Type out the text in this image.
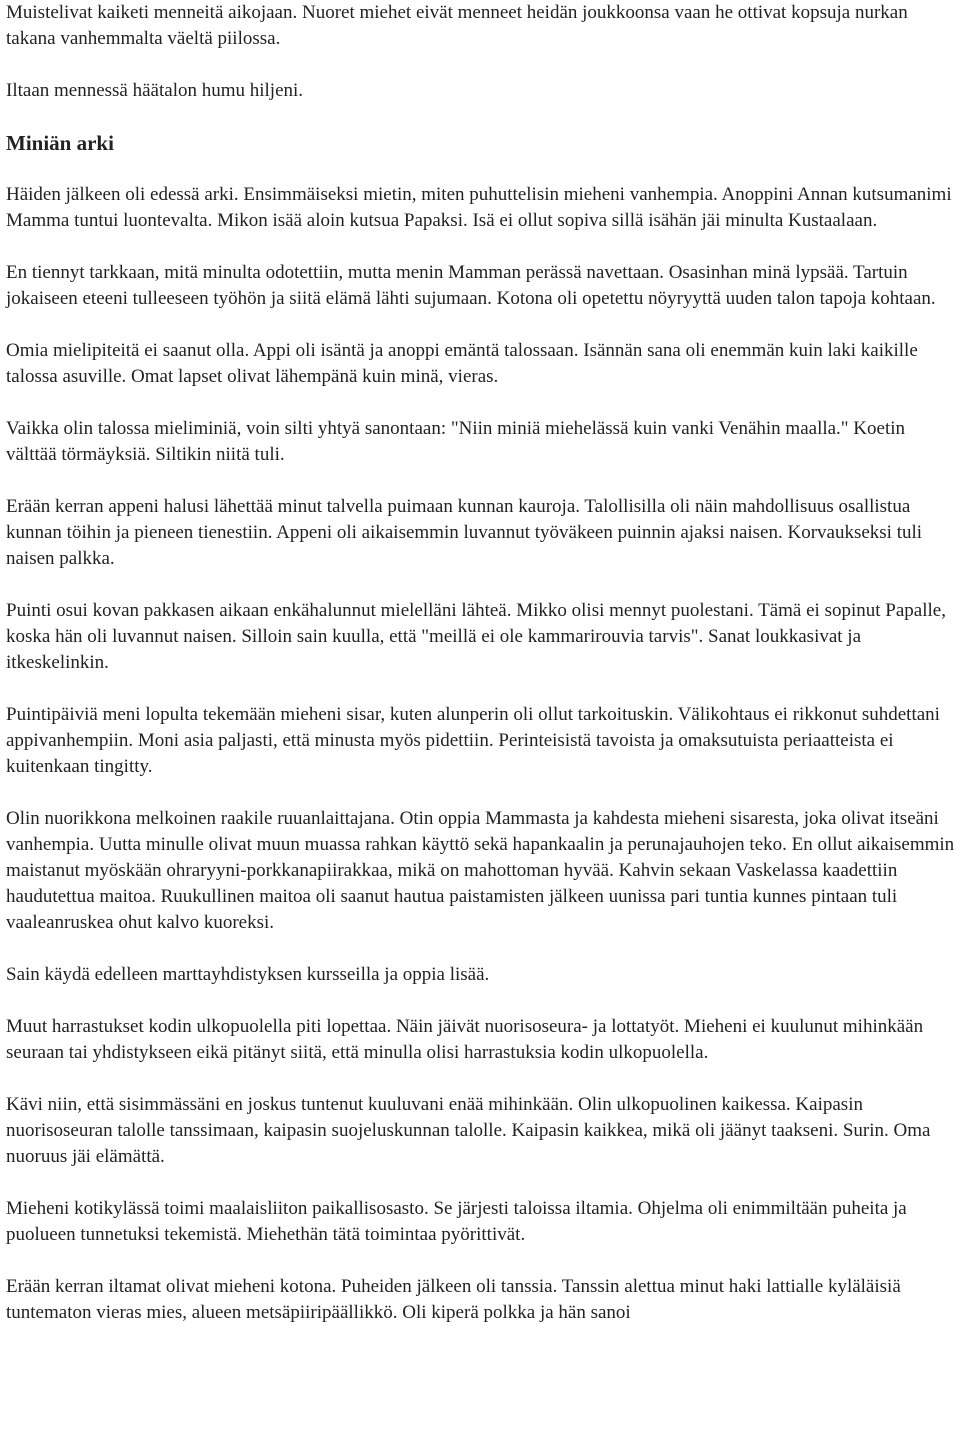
Muistelivat kaiketi menneitä aikojaan. Nuoret miehet eivät menneet heidän joukkoonsa vaan he ottivat kopsuja nurkan takana vanhemmalta väeltä piilossa.

Iltaan mennessä häätalon humu hiljeni.

Miniän arki

Häiden jälkeen oli edessä arki. Ensimmäiseksi mietin, miten puhuttelisin mieheni vanhempia. Anoppini Annan kutsumanimi Mamma tuntui luontevalta. Mikon isää aloin kutsua Papaksi. Isä ei ollut sopiva sillä isähän jäi minulta Kustaalaan.

En tiennyt tarkkaan, mitä minulta odotettiin, mutta menin Mamman perässä navettaan. Osasinhan minä lypsää. Tartuin jokaiseen eteeni tulleeseen työhön ja siitä elämä lähti sujumaan. Kotona oli opetettu nöyryyttä uuden talon tapoja kohtaan.

Omia mielipiteitä ei saanut olla. Appi oli isäntä ja anoppi emäntä talossaan. Isännän sana oli enemmän kuin laki kaikille talossa asuville. Omat lapset olivat lähempänä kuin minä, vieras.

Vaikka olin talossa mieliminiä, voin silti yhtyä sanontaan: "Niin miniä miehelässä kuin vanki Venähin maalla." Koetin välttää törmäyksiä. Siltikin niitä tuli.

Erään kerran appeni halusi lähettää minut talvella puimaan kunnan kauroja. Talollisilla oli näin mahdollisuus osallistua kunnan töihin ja pieneen tienestiin. Appeni oli aikaisemmin luvannut työväkeen puinnin ajaksi naisen. Korvaukseksi tuli naisen palkka.

Puinti osui kovan pakkasen aikaan enkähalunnut mielelläni lähteä. Mikko olisi mennyt puolestani. Tämä ei sopinut Papalle, koska hän oli luvannut naisen. Silloin sain kuulla, että "meillä ei ole kammarirouvia tarvis". Sanat loukkasivat ja itkeskelinkin.

Puintipäiviä meni lopulta tekemään mieheni sisar, kuten alunperin oli ollut tarkoituskin. Välikohtaus ei rikkonut suhdettani appivanhempiin. Moni asia paljasti, että minusta myös pidettiin. Perinteisistä tavoista ja omaksutuista periaatteista ei kuitenkaan tingitty.

Olin nuorikkona melkoinen raakile ruuanlaittajana. Otin oppia Mammasta ja kahdesta mieheni sisaresta, joka olivat itseäni vanhempia. Uutta minulle olivat muun muassa rahkan käyttö sekä hapankaalin ja perunajauhojen teko. En ollut aikaisemmin maistanut myöskään ohraryyni-porkkanapiirakkaa, mikä on mahottoman hyvää. Kahvin sekaan Vaskelassa kaadettiin haudutettua maitoa. Ruukullinen maitoa oli saanut hautua paistamisten jälkeen uunissa pari tuntia kunnes pintaan tuli vaaleanruskea ohut kalvo kuoreksi.

Sain käydä edelleen marttayhdistyksen kursseilla ja oppia lisää.

Muut harrastukset kodin ulkopuolella piti lopettaa. Näin jäivät nuorisoseura- ja lottatyöt. Mieheni ei kuulunut mihinkään seuraan tai yhdistykseen eikä pitänyt siitä, että minulla olisi harrastuksia kodin ulkopuolella.

Kävi niin, että sisimmässäni en joskus tuntenut kuuluvani enää mihinkään. Olin ulkopuolinen kaikessa. Kaipasin nuorisoseuran talolle tanssimaan, kaipasin suojeluskunnan talolle. Kaipasin kaikkea, mikä oli jäänyt taakseni. Surin. Oma nuoruus jäi elämättä.

Mieheni kotikylässä toimi maalaisliiton paikallisosasto. Se järjesti taloissa iltamia. Ohjelma oli enimmiltään puheita ja puolueen tunnetuksi tekemistä. Miehethän tätä toimintaa pyörittivät.

Erään kerran iltamat olivat mieheni kotona. Puheiden jälkeen oli tanssia. Tanssin alettua minut haki lattialle kyläläisiä tuntematon vieras mies, alueen metsäpiiripäällikkö. Oli kiperä polkka ja hän sanoi
